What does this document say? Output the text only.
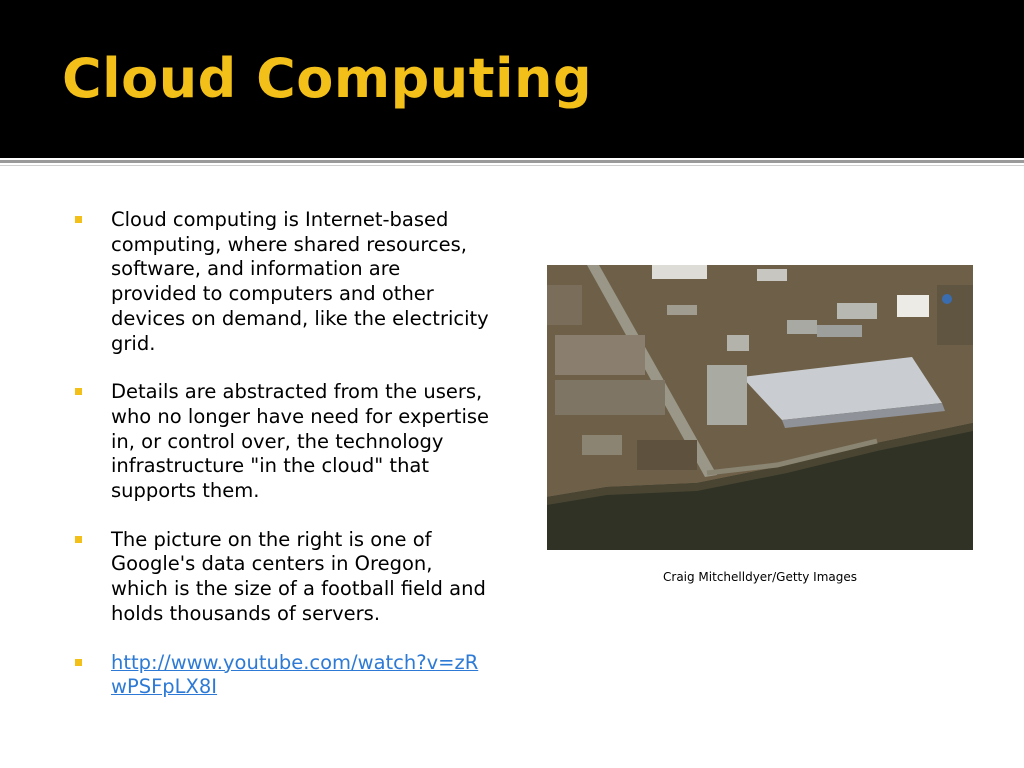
Cloud Computing
Cloud computing is Internet-based computing, where shared resources, software, and information are provided to computers and other devices on demand, like the electricity grid.
Details are abstracted from the users, who no longer have need for expertise in, or control over, the technology infrastructure "in the cloud" that supports them.
The picture on the right is one of Google's data centers in Oregon, which is the size of a football field and holds thousands of servers.
http://www.youtube.com/watch?v=zRwPSFpLX8I
Craig Mitchelldyer/Getty Images
